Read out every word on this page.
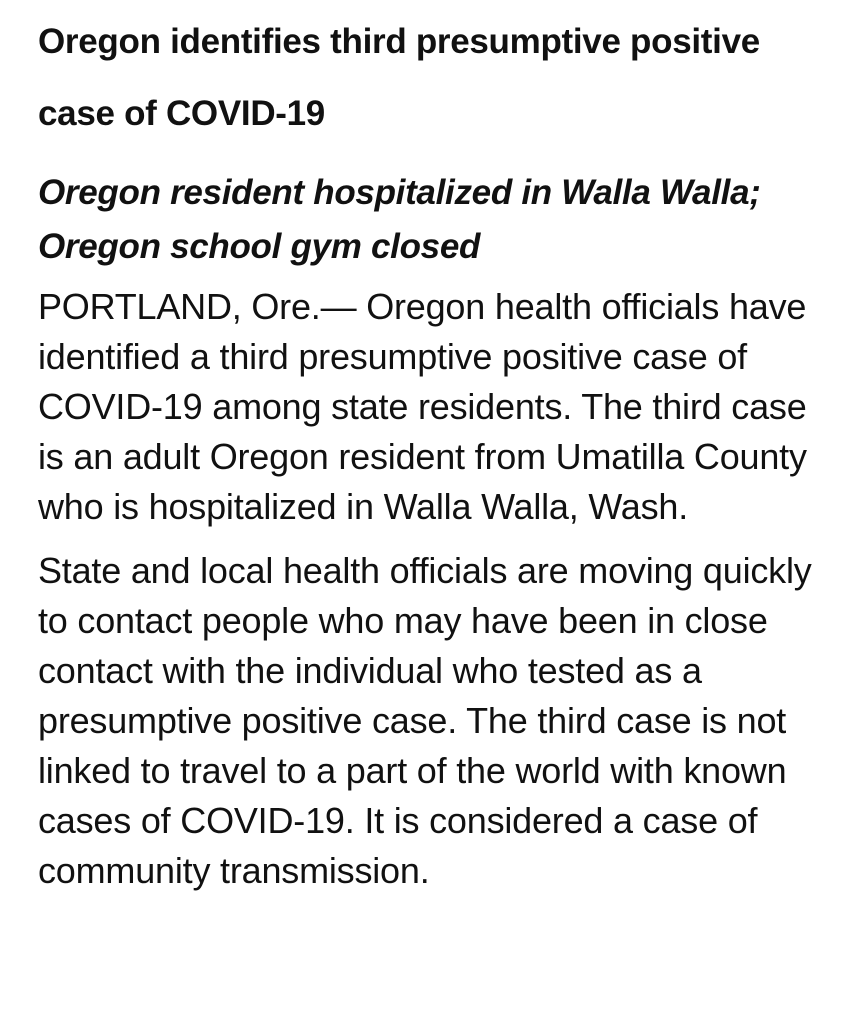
Oregon identifies third presumptive positive case of COVID-19
Oregon resident hospitalized in Walla Walla; Oregon school gym closed

PORTLAND, Ore.— Oregon health officials have identified a third presumptive positive case of COVID-19 among state residents. The third case is an adult Oregon resident from Umatilla County who is hospitalized in Walla Walla, Wash.

State and local health officials are moving quickly to contact people who may have been in close contact with the individual who tested as a presumptive positive case. The third case is not linked to travel to a part of the world with known cases of COVID-19. It is considered a case of community transmission.
